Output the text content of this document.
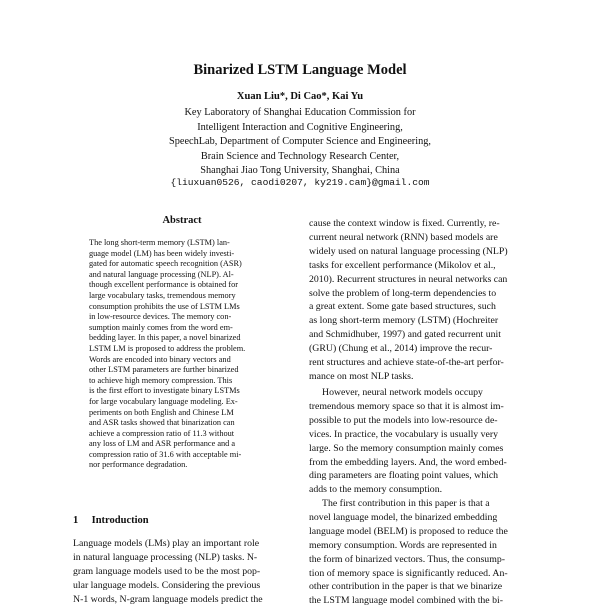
Binarized LSTM Language Model
Xuan Liu*, Di Cao*, Kai Yu
Key Laboratory of Shanghai Education Commission for
Intelligent Interaction and Cognitive Engineering,
SpeechLab, Department of Computer Science and Engineering,
Brain Science and Technology Research Center,
Shanghai Jiao Tong University, Shanghai, China
{liuxuan0526, caodi0207, ky219.cam}@gmail.com
Abstract
The long short-term memory (LSTM) lan-
guage model (LM) has been widely investi-
gated for automatic speech recognition (ASR)
and natural language processing (NLP). Al-
though excellent performance is obtained for
large vocabulary tasks, tremendous memory
consumption prohibits the use of LSTM LMs
in low-resource devices. The memory con-
sumption mainly comes from the word em-
bedding layer. In this paper, a novel binarized
LSTM LM is proposed to address the problem.
Words are encoded into binary vectors and
other LSTM parameters are further binarized
to achieve high memory compression. This
is the first effort to investigate binary LSTMs
for large vocabulary language modeling. Ex-
periments on both English and Chinese LM
and ASR tasks showed that binarization can
achieve a compression ratio of 11.3 without
any loss of LM and ASR performance and a
compression ratio of 31.6 with acceptable mi-
nor performance degradation.
1 Introduction
Language models (LMs) play an important role
in natural language processing (NLP) tasks. N-
gram language models used to be the most pop-
ular language models. Considering the previous
N-1 words, N-gram language models predict the
cause the context window is fixed. Currently, re-
current neural network (RNN) based models are
widely used on natural language processing (NLP)
tasks for excellent performance (Mikolov et al.,
2010). Recurrent structures in neural networks can
solve the problem of long-term dependencies to
a great extent. Some gate based structures, such
as long short-term memory (LSTM) (Hochreiter
and Schmidhuber, 1997) and gated recurrent unit
(GRU) (Chung et al., 2014) improve the recur-
rent structures and achieve state-of-the-art perfor-
mance on most NLP tasks.
However, neural network models occupy
tremendous memory space so that it is almost im-
possible to put the models into low-resource de-
vices. In practice, the vocabulary is usually very
large. So the memory consumption mainly comes
from the embedding layers. And, the word embed-
ding parameters are floating point values, which
adds to the memory consumption.
The first contribution in this paper is that a
novel language model, the binarized embedding
language model (BELM) is proposed to reduce the
memory consumption. Words are represented in
the form of binarized vectors. Thus, the consump-
tion of memory space is significantly reduced. An-
other contribution in the paper is that we binarize
the LSTM language model combined with the bi-
